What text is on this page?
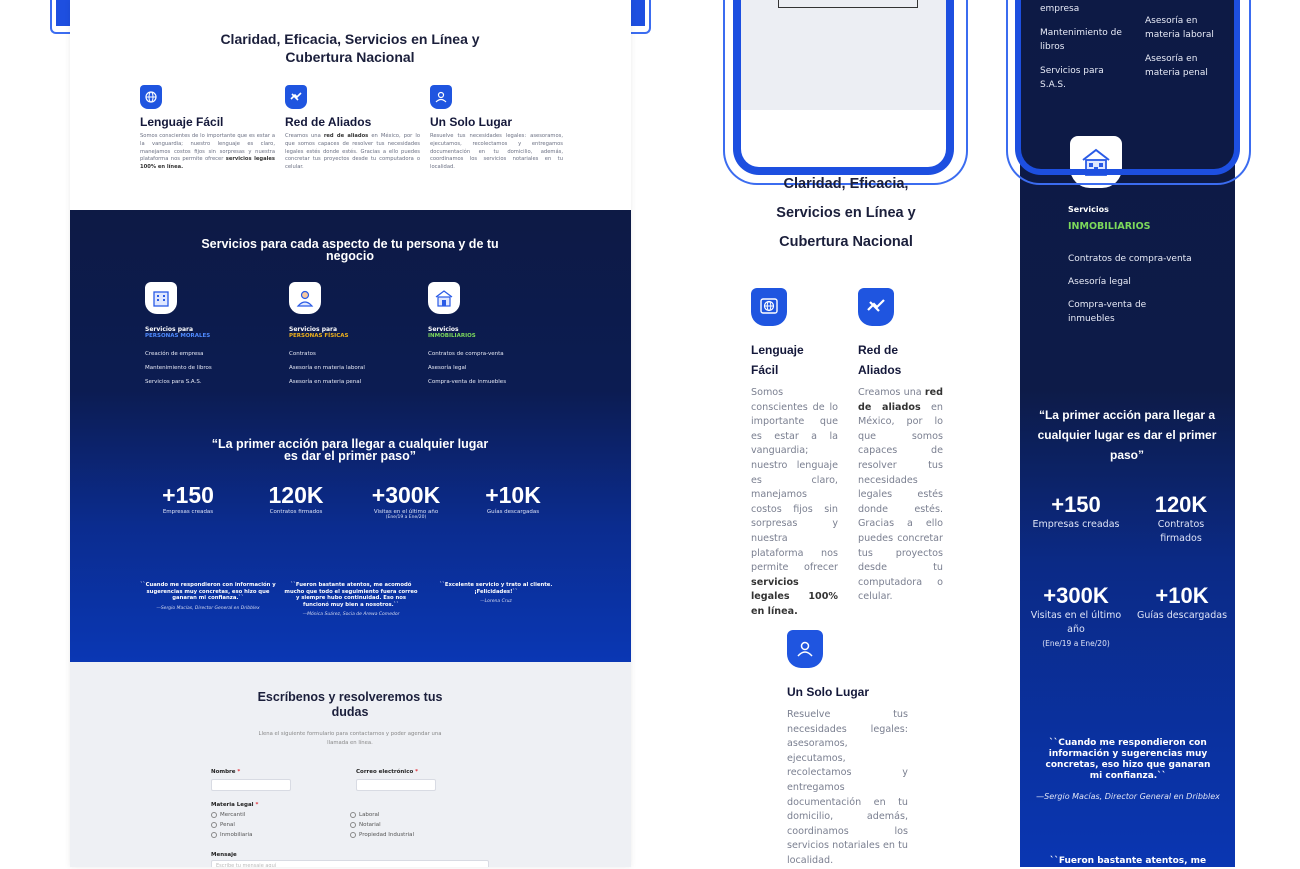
Claridad, Eficacia, Servicios en Línea y Cubertura Nacional
Lenguaje Fácil
Somos conscientes de lo importante que es estar a la vanguardia; nuestro lenguaje es claro, manejamos costos fijos sin sorpresas y nuestra plataforma nos permite ofrecer servicios legales 100% en línea.
Red de Aliados
Creamos una red de aliados en México, por lo que somos capaces de resolver tus necesidades legales estés donde estés. Gracias a ello puedes concretar tus proyectos desde tu computadora o celular.
Un Solo Lugar
Resuelve tus necesidades legales: asesoramos, ejecutamos, recolectamos y entregamos documentación en tu domicilio, además, coordinamos los servicios notariales en tu localidad.
Servicios para cada aspecto de tu persona y de tu negocio
Servicios para
PERSONAS MORALES
Creación de empresa
Mantenimiento de libros
Servicios para S.A.S.
Servicios para
PERSONAS FÍSICAS
Contratos
Asesoría en materia laboral
Asesoría en materia penal
Servicios
INMOBILIARIOS
Contratos de compra-venta
Asesoría legal
Compra-venta de inmuebles
“La primer acción para llegar a cualquier lugar es dar el primer paso”
+150
Empresas creadas
120K
Contratos firmados
+300K
Visitas en el último año
(Ene/19 a Ene/20)
+10K
Guías descargadas
``Cuando me respondieron con información y sugerencias muy concretas, eso hizo que ganaran mi confianza.``
—Sergio Macías, Director General en Dribblex
``Fueron bastante atentos, me acomodó mucho que todo el seguimiento fuera correo y siempre hubo continuidad. Eso nos funcionó muy bien a nosotros.``
—Mónica Suárez, Socia de Arewa Comedor
``Excelente servicio y trato al cliente. ¡Felicidades!``
—Lorena Cruz
Escríbenos y resolveremos tus dudas
Llena el siguiente formulario para contactarnos y poder agendar una llamada en línea.
Nombre *	Correo electrónico *
Materia Legal *
Mercantil
Penal
Inmobiliaria
Laboral
Notarial
Propiedad Industrial
Mensaje
Escribe tu mensaje aquí
Claridad, Eficacia, Servicios en Línea y Cubertura Nacional
Lenguaje
Fácil
Somos conscientes de lo importante que es estar a la vanguardia; nuestro lenguaje es claro, manejamos costos fijos sin sorpresas y nuestra plataforma nos permite ofrecer servicios legales 100% en línea.
Red de
Aliados
Creamos una red de aliados en México, por lo que somos capaces de resolver tus necesidades legales estés donde estés. Gracias a ello puedes concretar tus proyectos desde tu computadora o celular.
Un Solo Lugar
Resuelve tus necesidades legales: asesoramos, ejecutamos, recolectamos y entregamos documentación en tu domicilio, además, coordinamos los servicios notariales en tu localidad.
empresa
Mantenimiento de libros
Servicios para S.A.S.
Asesoría en materia laboral
Asesoría en materia penal
Servicios
INMOBILIARIOS
Contratos de compra-venta
Asesoría legal
Compra-venta de inmuebles
“La primer acción para llegar a cualquier lugar es dar el primer paso”
+150
Empresas creadas
120K
Contratos firmados
+300K
Visitas en el último año
(Ene/19 a Ene/20)
+10K
Guías descargadas
``Cuando me respondieron con información y sugerencias muy concretas, eso hizo que ganaran mi confianza.``
—Sergio Macías, Director General en Dribblex
``Fueron bastante atentos, me
